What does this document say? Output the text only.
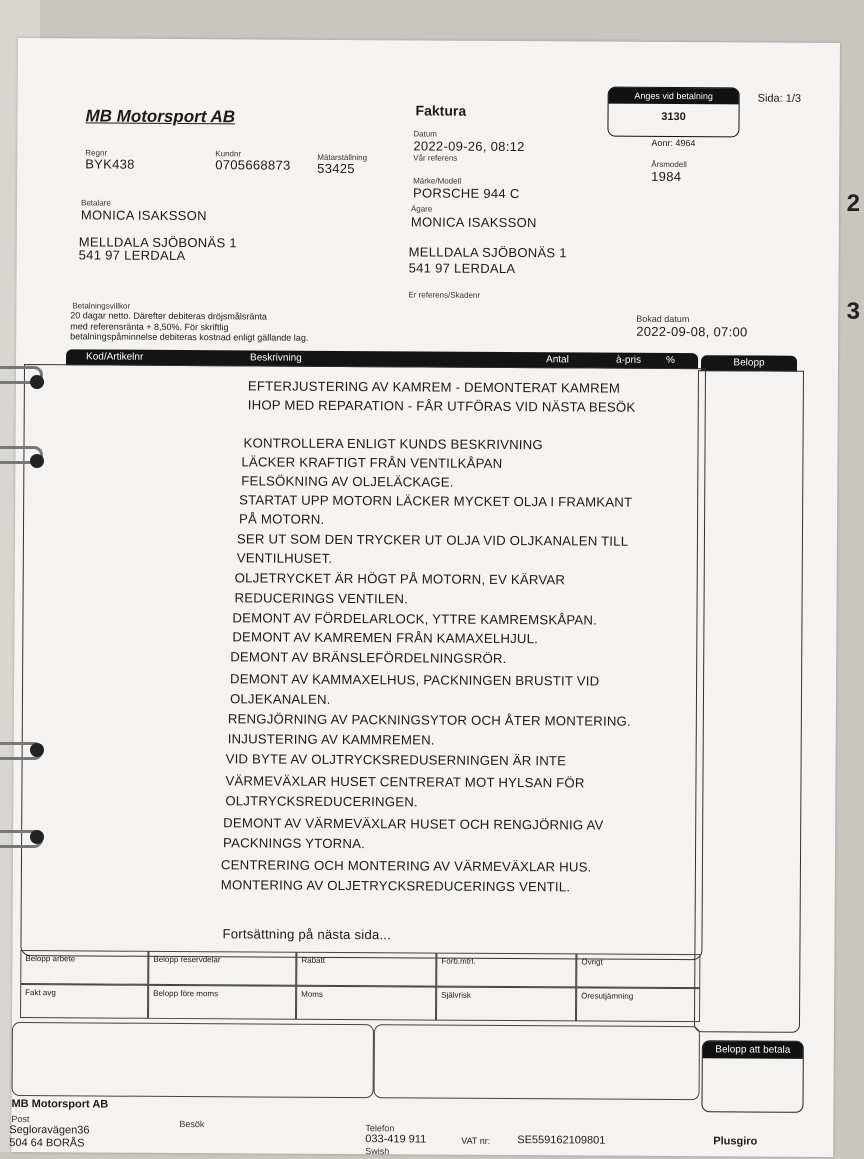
MB Motorsport AB	Faktura
Anges vid betalning
3130
Sida: 1/3
Aonr: 4964
Årsmodell
1984
Datum
2022-09-26, 08:12
Vår referens
Regnr
BYK438
Kundnr
0705668873	Mätarställning
53425
Märke/Modell
PORSCHE 944 C
Betalare
MONICA ISAKSSON
MELLDALA SJÖBONÄS 1
541 97 LERDALA
Ägare
MONICA ISAKSSON
MELLDALA SJÖBONÄS 1
541 97 LERDALA
Er referens/Skadenr
Betalningsvillkor
20 dagar netto. Därefter debiteras dröjsmålsränta
med referensränta + 8,50%. För skriftlig
betalningspåminnelse debiteras kostnad enligt gällande lag.
Bokad datum
2022-09-08, 07:00
Kod/Artikelnr	Beskrivning	Antal	à-pris %	Belopp
Fortsättning på nästa sida...
Belopp arbete	Belopp reservdelar	Rabatt	Förb.mtrl.	Övrigt
Fakt avg	Belopp före moms	Moms	Självrisk	Öresutjämning
Belopp att betala
MB Motorsport AB
Post
Segloravägen36
504 64 BORÅS
Besök	Telefon
033-419 911
Swish
VAT nr: SE559162109801	Plusgiro
EFTERJUSTERING AV KAMREM - DEMONTERAT KAMREM
IHOP MED REPARATION - FÅR UTFÖRAS VID NÄSTA BESÖK
KONTROLLERA ENLIGT KUNDS BESKRIVNING
LÄCKER KRAFTIGT FRÅN VENTILKÅPAN
FELSÖKNING AV OLJELÄCKAGE.
STARTAT UPP MOTORN LÄCKER MYCKET OLJA I FRAMKANT
PÅ MOTORN.
SER UT SOM DEN TRYCKER UT OLJA VID OLJKANALEN TILL
VENTILHUSET.
OLJETRYCKET ÄR HÖGT PÅ MOTORN, EV KÄRVAR
REDUCERINGS VENTILEN.
DEMONT AV FÖRDELARLOCK, YTTRE KAMREMSKÅPAN.
DEMONT AV KAMREMEN FRÅN KAMAXELHJUL.
DEMONT AV BRÄNSLEFÖRDELNINGSRÖR.
DEMONT AV KAMMAXELHUS, PACKNINGEN BRUSTIT VID
OLJEKANALEN.
RENGJÖRNING AV PACKNINGSYTOR OCH ÅTER MONTERING.
INJUSTERING AV KAMMREMEN.
VID BYTE AV OLJTRYCKSREDUSERNINGEN ÄR INTE
VÄRMEVÄXLAR HUSET CENTRERAT MOT HYLSAN FÖR
OLJTRYCKSREDUCERINGEN.
DEMONT AV VÄRMEVÄXLAR HUSET OCH RENGJÖRNIG AV
PACKNINGS YTORNA.
CENTRERING OCH MONTERING AV VÄRMEVÄXLAR HUS.
MONTERING AV OLJETRYCKSREDUCERINGS VENTIL.
2
3
